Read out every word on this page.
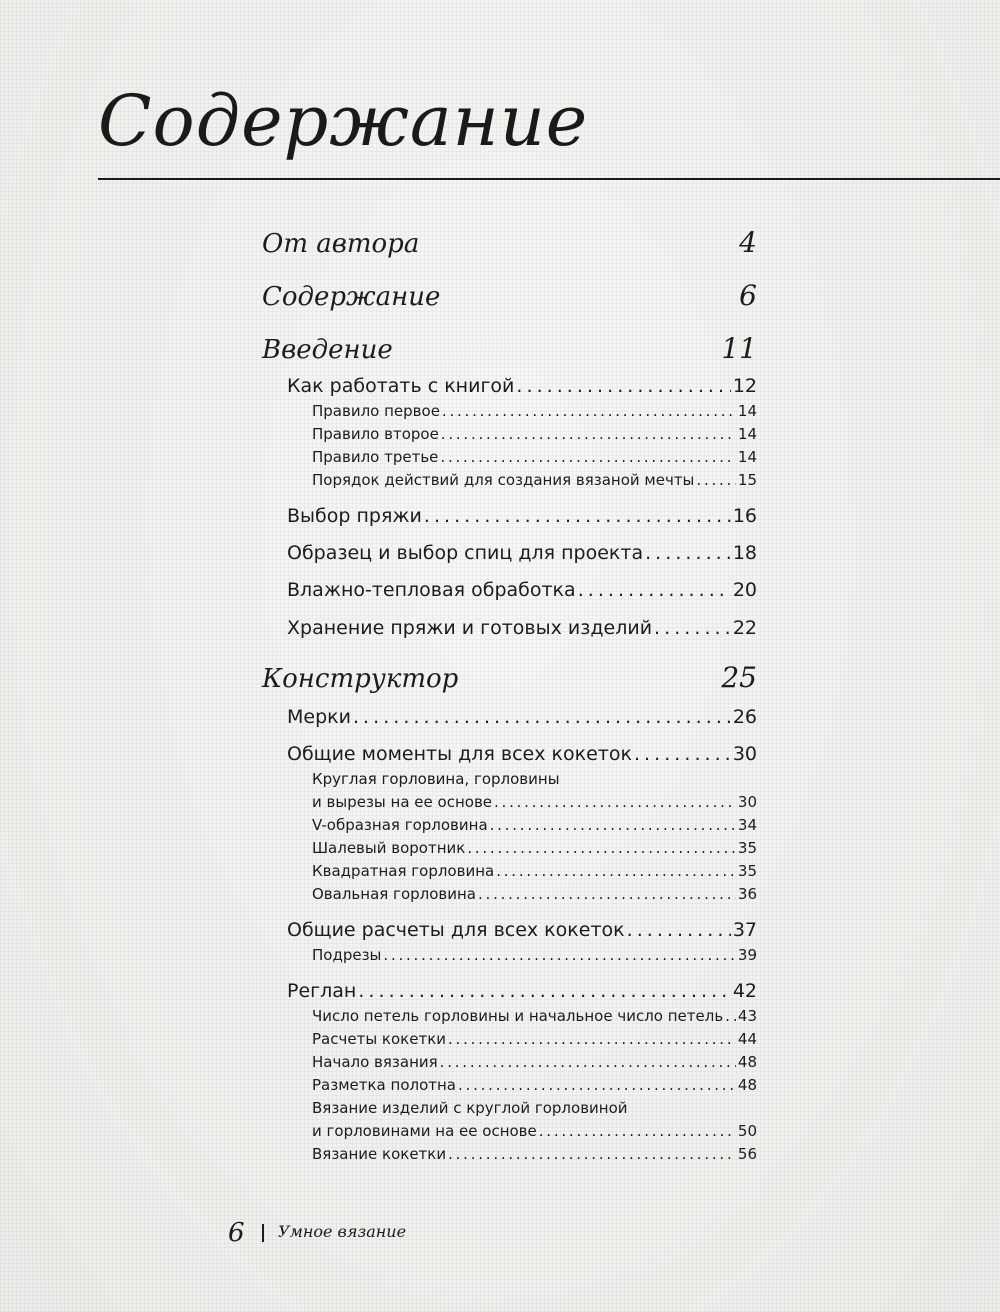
Содержание
От автора	4
Содержание	6
Введение	11
Как работать с книгой . . .	12
Правило первое . . .	14
Правило второе . . .	14
Правило третье . . .	14
Порядок действий для создания вязаной мечты . . .	15
Выбор пряжи . . .	16
Образец и выбор спиц для проекта . . .	18
Влажно-тепловая обработка . . .	20
Хранение пряжи и готовых изделий . . .	22
Конструктор	25
Мерки . . .	26
Общие моменты для всех кокеток . . .	30
Круглая горловина, горловины
и вырезы на ее основе . . .	30
V-образная горловина . . .	34
Шалевый воротник . . .	35
Квадратная горловина . . .	35
Овальная горловина . . .	36
Общие расчеты для всех кокеток . . .	37
Подрезы . . .	39
Реглан . . .	42
Число петель горловины и начальное число петель . . . 43
Расчеты кокетки . . .	44
Начало вязания . . .	48
Разметка полотна . . .	48
Вязание изделий с круглой горловиной
и горловинами на ее основе . . .	50
Вязание кокетки . . .	56
6 Умное вязание
